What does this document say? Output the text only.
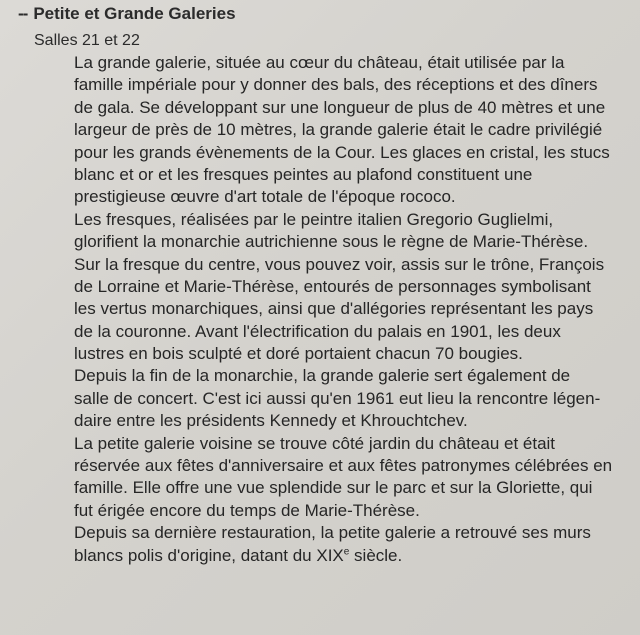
-- Petite et Grande Galeries
Salles 21 et 22
La grande galerie, située au cœur du château, était utilisée par la
famille impériale pour y donner des bals, des réceptions et des dîners
de gala. Se développant sur une longueur de plus de 40 mètres et une
largeur de près de 10 mètres, la grande galerie était le cadre privilégié
pour les grands évènements de la Cour. Les glaces en cristal, les stucs
blanc et or et les fresques peintes au plafond constituent une
prestigieuse œuvre d'art totale de l'époque rococo.
Les fresques, réalisées par le peintre italien Gregorio Guglielmi,
glorifient la monarchie autrichienne sous le règne de Marie-Thérèse.
Sur la fresque du centre, vous pouvez voir, assis sur le trône, François
de Lorraine et Marie-Thérèse, entourés de personnages symbolisant
les vertus monarchiques, ainsi que d'allégories représentant les pays
de la couronne. Avant l'électrification du palais en 1901, les deux
lustres en bois sculpté et doré portaient chacun 70 bougies.
Depuis la fin de la monarchie, la grande galerie sert également de
salle de concert. C'est ici aussi qu'en 1961 eut lieu la rencontre légen-
daire entre les présidents Kennedy et Khrouchtchev.
La petite galerie voisine se trouve côté jardin du château et était
réservée aux fêtes d'anniversaire et aux fêtes patronymes célébrées en
famille. Elle offre une vue splendide sur le parc et sur la Gloriette, qui
fut érigée encore du temps de Marie-Thérèse.
Depuis sa dernière restauration, la petite galerie a retrouvé ses murs
blancs polis d'origine, datant du XIXe siècle.
